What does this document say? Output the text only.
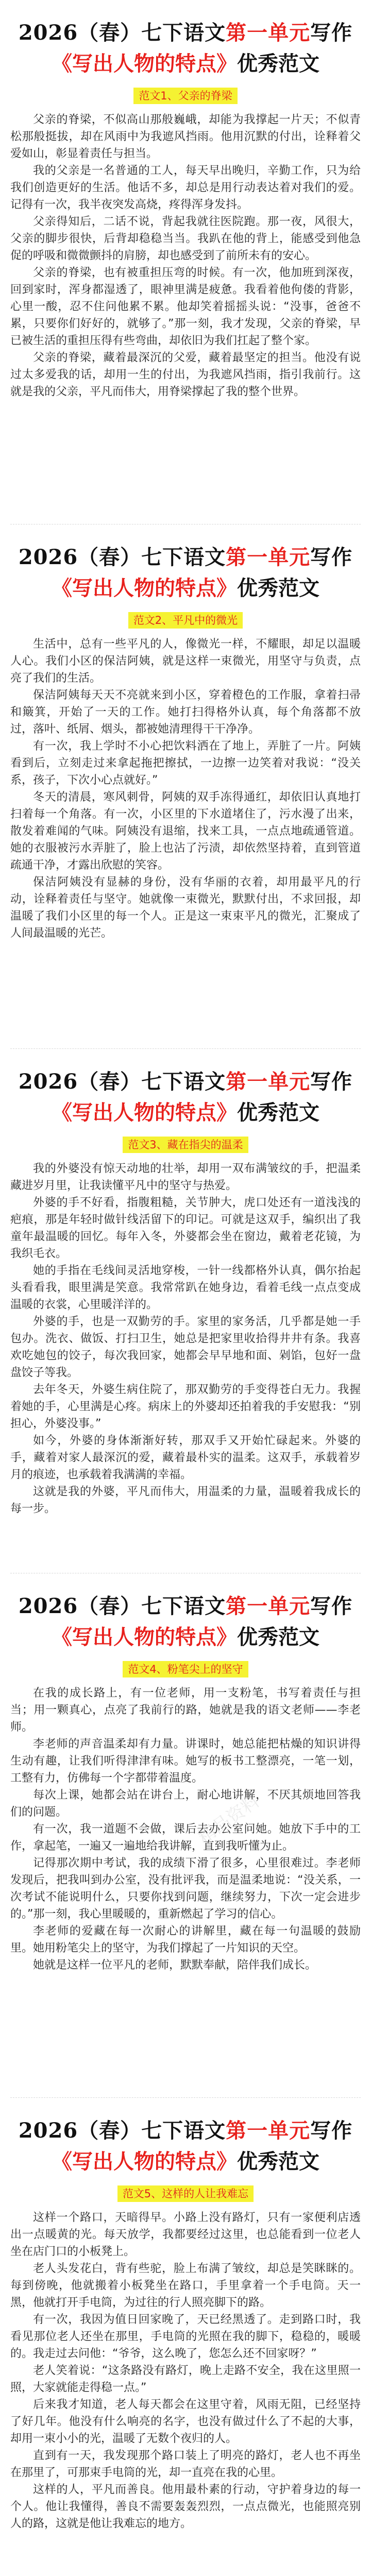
2026（春）七下语文第一单元写作
《写出人物的特点》优秀范文
范文1、父亲的脊梁

父亲的脊梁，不似高山那般巍峨，却能为我撑起一片天；不似青松那般挺拔，却在风雨中为我遮风挡雨。他用沉默的付出，诠释着父爱如山，彰显着责任与担当。

我的父亲是一名普通的工人，每天早出晚归，辛勤工作，只为给我们创造更好的生活。他话不多，却总是用行动表达着对我们的爱。记得有一次，我半夜突发高烧，疼得浑身发抖。

父亲得知后，二话不说，背起我就往医院跑。那一夜，风很大，父亲的脚步很快，后背却稳稳当当。我趴在他的背上，能感受到他急促的呼吸和微微颤抖的肩膀，却也感受到了前所未有的安心。

父亲的脊梁，也有被重担压弯的时候。有一次，他加班到深夜，回到家时，浑身都湿透了，眼神里满是疲惫。我看着他佝偻的背影，心里一酸，忍不住问他累不累。他却笑着摇摇头说：“没事，爸爸不累，只要你们好好的，就够了。”那一刻，我才发现，父亲的脊梁，早已被生活的重担压得有些弯曲，却依旧为我们扛起了整个家。

父亲的脊梁，藏着最深沉的父爱，藏着最坚定的担当。他没有说过太多爱我的话，却用一生的付出，为我遮风挡雨，指引我前行。这就是我的父亲，平凡而伟大，用脊梁撑起了我的整个世界。

2026（春）七下语文第一单元写作
《写出人物的特点》优秀范文
范文2、平凡中的微光

生活中，总有一些平凡的人，像微光一样，不耀眼，却足以温暖人心。我们小区的保洁阿姨，就是这样一束微光，用坚守与负责，点亮了我们的生活。

保洁阿姨每天天不亮就来到小区，穿着橙色的工作服，拿着扫帚和簸箕，开始了一天的工作。她打扫得格外认真，每个角落都不放过，落叶、纸屑、烟头，都被她清理得干干净净。

有一次，我上学时不小心把饮料洒在了地上，弄脏了一片。阿姨看到后，立刻走过来拿起拖把擦拭，一边擦一边笑着对我说：“没关系，孩子，下次小心点就好。”

冬天的清晨，寒风刺骨，阿姨的双手冻得通红，却依旧认真地打扫着每一个角落。有一次，小区里的下水道堵住了，污水漫了出来，散发着难闻的气味。阿姨没有退缩，找来工具，一点点地疏通管道。她的衣服被污水弄脏了，脸上也沾了污渍，却依然坚持着，直到管道疏通干净，才露出欣慰的笑容。

保洁阿姨没有显赫的身份，没有华丽的衣着，却用最平凡的行动，诠释着责任与坚守。她就像一束微光，默默付出，不求回报，却温暖了我们小区里的每一个人。正是这一束束平凡的微光，汇聚成了人间最温暖的光芒。

2026（春）七下语文第一单元写作
《写出人物的特点》优秀范文
范文3、藏在指尖的温柔

我的外婆没有惊天动地的壮举，却用一双布满皱纹的手，把温柔藏进岁月里，让我读懂平凡中的坚守与热爱。

外婆的手不好看，指腹粗糙，关节肿大，虎口处还有一道浅浅的疤痕，那是年轻时做针线活留下的印记。可就是这双手，编织出了我童年最温暖的回忆。每年入冬，外婆都会坐在窗边，戴着老花镜，为我织毛衣。

她的手指在毛线间灵活地穿梭，一针一线都格外认真，偶尔抬起头看看我，眼里满是笑意。我常常趴在她身边，看着毛线一点点变成温暖的衣裳，心里暖洋洋的。

外婆的手，也是一双勤劳的手。家里的家务活，几乎都是她一手包办。洗衣、做饭、打扫卫生，她总是把家里收拾得井井有条。我喜欢吃她包的饺子，每次我回家，她都会早早地和面、剁馅，包好一盘盘饺子等我。

去年冬天，外婆生病住院了，那双勤劳的手变得苍白无力。我握着她的手，心里满是心疼。病床上的外婆却还拍着我的手安慰我：“别担心，外婆没事。”

如今，外婆的身体渐渐好转，那双手又开始忙碌起来。外婆的手，藏着对家人最深沉的爱，藏着最朴实的温柔。这双手，承载着岁月的痕迹，也承载着我满满的幸福。

这就是我的外婆，平凡而伟大，用温柔的力量，温暖着我成长的每一步。

2026（春）七下语文第一单元写作
《写出人物的特点》优秀范文
范文4、粉笔尖上的坚守

在我的成长路上，有一位老师，用一支粉笔，书写着责任与担当；用一颗真心，点亮了我前行的路，她就是我的语文老师——李老师。

李老师的声音温柔却有力量。讲课时，她总能把枯燥的知识讲得生动有趣，让我们听得津津有味。她写的板书工整漂亮，一笔一划，工整有力，仿佛每一个字都带着温度。

每次上课，她都会站在讲台上，耐心地讲解，不厌其烦地回答我们的问题。

有一次，我一道题不会做，课后去办公室问她。她放下手中的工作，拿起笔，一遍又一遍地给我讲解，直到我听懂为止。

记得那次期中考试，我的成绩下滑了很多，心里很难过。李老师发现后，把我叫到办公室，没有批评我，而是温柔地说：“没关系，一次考试不能说明什么，只要你找到问题，继续努力，下次一定会进步的。”那一刻，我心里暖暖的，重新燃起了学习的信心。

李老师的爱藏在每一次耐心的讲解里，藏在每一句温暖的鼓励里。她用粉笔尖上的坚守，为我们撑起了一片知识的天空。

她就是这样一位平凡的老师，默默奉献，陪伴我们成长。

精品资料
2026（春）七下语文第一单元写作
《写出人物的特点》优秀范文
范文5、这样的人让我难忘

这样一个路口，天暗得早。小路上没有路灯，只有一家便利店透出一点暖黄的光。每天放学，我都要经过这里，也总能看到一位老人坐在店门口的小板凳上。

老人头发花白，背有些驼，脸上布满了皱纹，却总是笑眯眯的。每到傍晚，他就搬着小板凳坐在路口，手里拿着一个手电筒。天一黑，他就打开手电筒，为过往的行人照亮脚下的路。

有一次，我因为值日回家晚了，天已经黑透了。走到路口时，我看见那位老人还坐在那里，手电筒的光照在我的脚下，稳稳的，暖暖的。我走过去问他：“爷爷，这么晚了，您怎么还不回家呀？”

老人笑着说：“这条路没有路灯，晚上走路不安全，我在这里照一照，大家就能走得稳一点。”

后来我才知道，老人每天都会在这里守着，风雨无阻，已经坚持了好几年。他没有什么响亮的名字，也没有做过什么了不起的大事，却用一束小小的光，温暖了无数个夜归的人。

直到有一天，我发现那个路口装上了明亮的路灯，老人也不再坐在那里了，可那束手电筒的光，却一直亮在我的心里。

这样的人，平凡而善良。他用最朴素的行动，守护着身边的每一个人。他让我懂得，善良不需要轰轰烈烈，一点点微光，也能照亮别人的路，这就是他让我难忘的地方。
